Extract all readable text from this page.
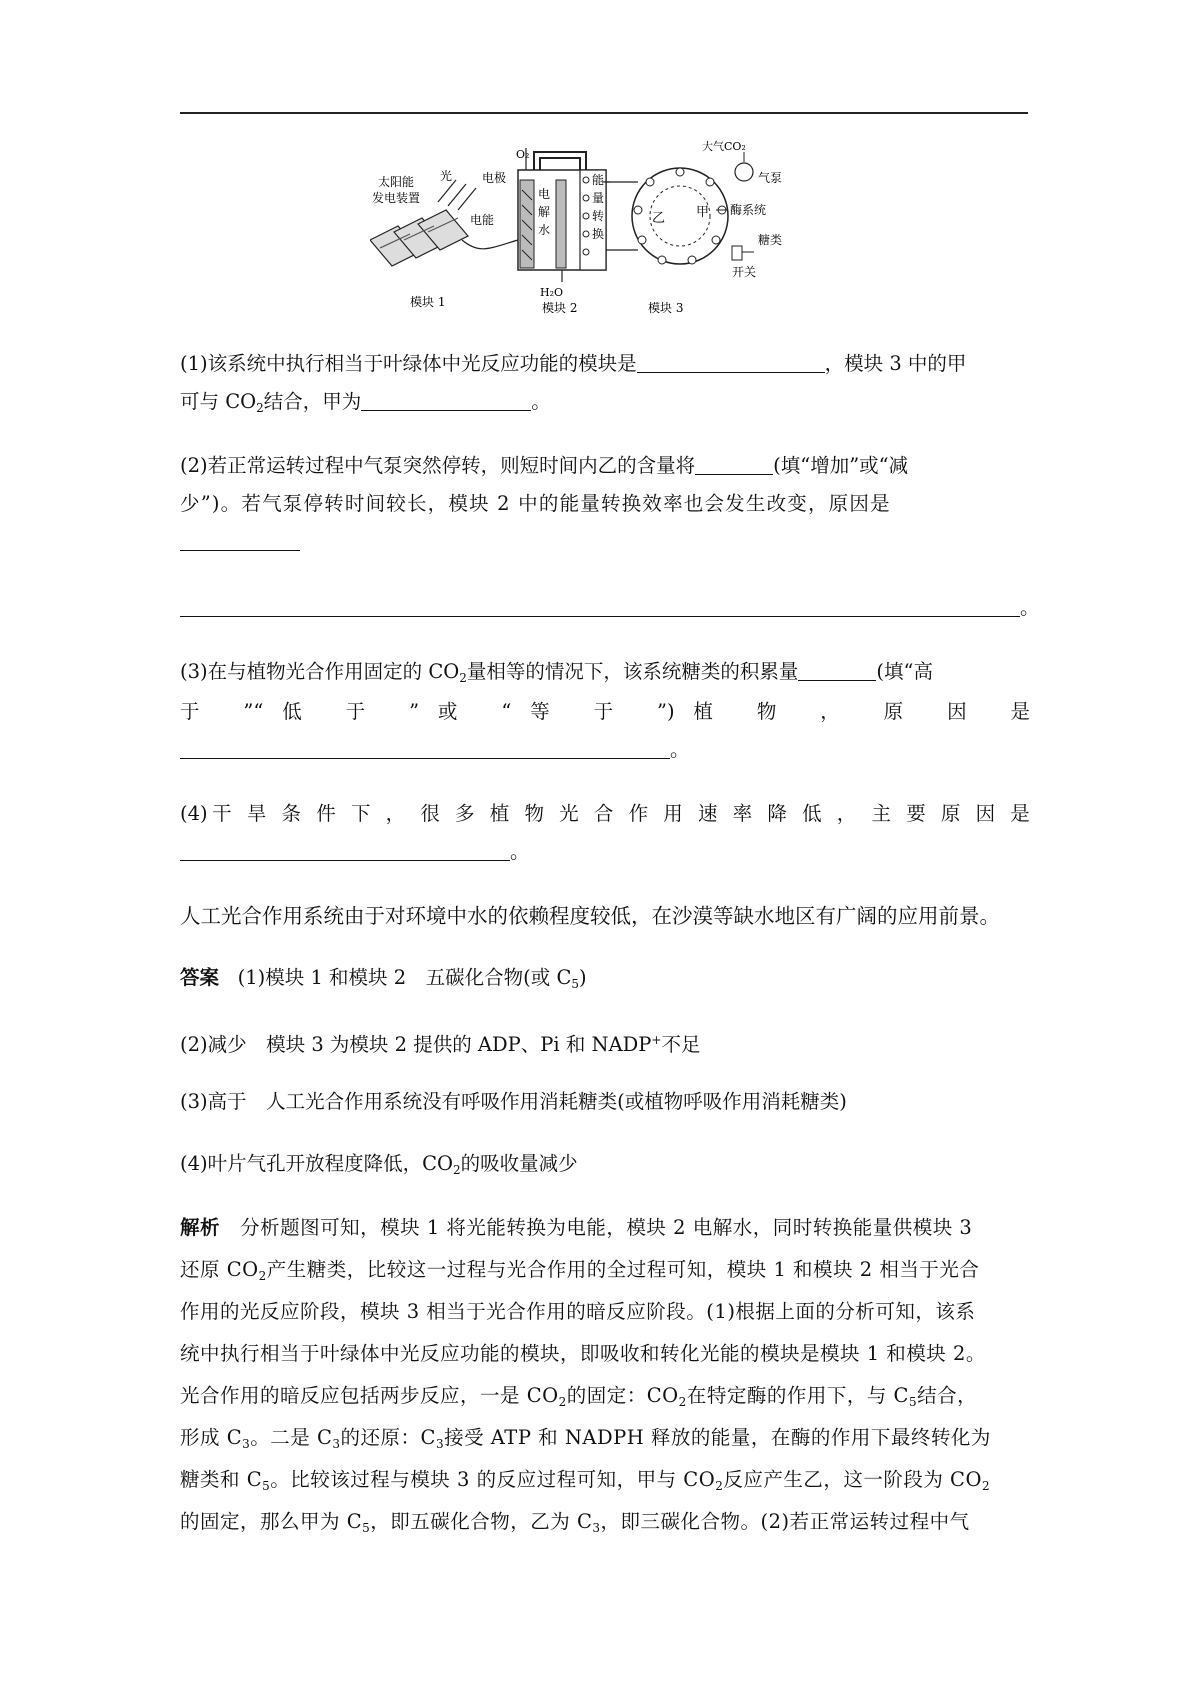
大气CO₂
气泵
O₂
电极
光
太阳能
发电装置
电能
电
解
水
能
量
转
换
乙 甲 酶系统
糖类
开关
H₂O
模块 1	模块 2	模块 3
(1)该系统中执行相当于叶绿体中光反应功能的模块是	，模块 3 中的甲
可与 $CO_2$结合，甲为	。
(2)若正常运转过程中气泵突然停转，则短时间内乙的含量将	(填“增加”或“减
少”)。若气泵停转时间较长，模块 2 中的能量转换效率也会发生改变，原因是
。
(3)在与植物光合作用固定的 $CO_2$量相等的情况下，该系统糖类的积累量	(填“高
于 ”“低 于 ”或 “等 于 ”)植 物 ， 原 因 是
。
(4)干 旱 条 件 下 ， 很 多 植 物 光 合 作 用 速 率 降 低 ， 主 要 原 因 是
。
人工光合作用系统由于对环境中水的依赖程度较低，在沙漠等缺水地区有广阔的应用前景。
答案 (1)模块 1 和模块 2　五碳化合物(或 $C_5$)
(2)减少　模块 3 为模块 2 提供的 ADP、Pi 和 NADP+不足
(3)高于　人工光合作用系统没有呼吸作用消耗糖类(或植物呼吸作用消耗糖类)
(4)叶片气孔开放程度降低，$CO_2$的吸收量减少
解析 分析题图可知，模块 1 将光能转换为电能，模块 2 电解水，同时转换能量供模块 3
还原 $CO_2$产生糖类，比较这一过程与光合作用的全过程可知，模块 1 和模块 2 相当于光合
作用的光反应阶段，模块 3 相当于光合作用的暗反应阶段。(1)根据上面的分析可知，该系
统中执行相当于叶绿体中光反应功能的模块，即吸收和转化光能的模块是模块 1 和模块 2。
光合作用的暗反应包括两步反应，一是 $CO_2$的固定：$CO_2$在特定酶的作用下，与 $C_5$结合，
形成 $C_3$。二是 $C_3$的还原：$C_3$接受 ATP 和 NADPH 释放的能量，在酶的作用下最终转化为
糖类和 $C_5$。比较该过程与模块 3 的反应过程可知，甲与 $CO_2$反应产生乙，这一阶段为 $CO_2$
的固定，那么甲为 $C_5$，即五碳化合物，乙为 $C_3$，即三碳化合物。(2)若正常运转过程中气
